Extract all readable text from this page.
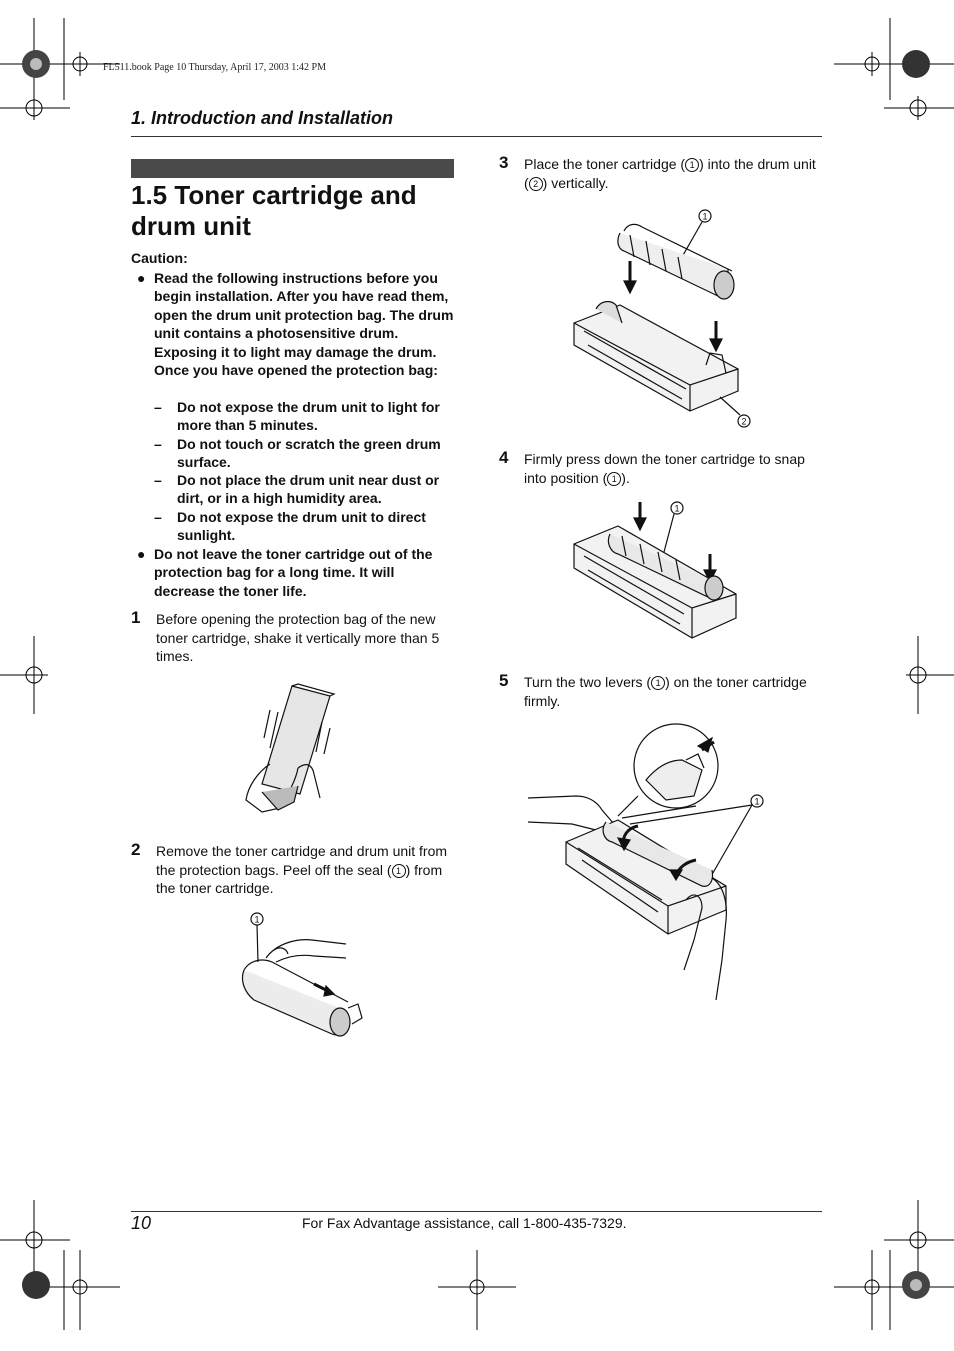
FL511.book Page 10 Thursday, April 17, 2003 1:42 PM
1. Introduction and Installation
1.5 Toner cartridge and drum unit
Caution:
● Read the following instructions before you begin installation. After you have read them, open the drum unit protection bag. The drum unit contains a photosensitive drum. Exposing it to light may damage the drum. Once you have opened the protection bag:
– Do not expose the drum unit to light for more than 5 minutes.
– Do not touch or scratch the green drum surface.
– Do not place the drum unit near dust or dirt, or in a high humidity area.
– Do not expose the drum unit to direct sunlight.
● Do not leave the toner cartridge out of the protection bag for a long time. It will decrease the toner life.
1 Before opening the protection bag of the new toner cartridge, shake it vertically more than 5 times.
2 Remove the toner cartridge and drum unit from the protection bags. Peel off the seal ( 1 ) from the toner cartridge.
1
3 Place the toner cartridge ( 1 ) into the drum unit ( 2 ) vertically.
1
2
4 Firmly press down the toner cartridge to snap into position ( 1 ).
1
5 Turn the two levers ( 1 ) on the toner cartridge firmly.
1
10	For Fax Advantage assistance, call 1-800-435-7329.
